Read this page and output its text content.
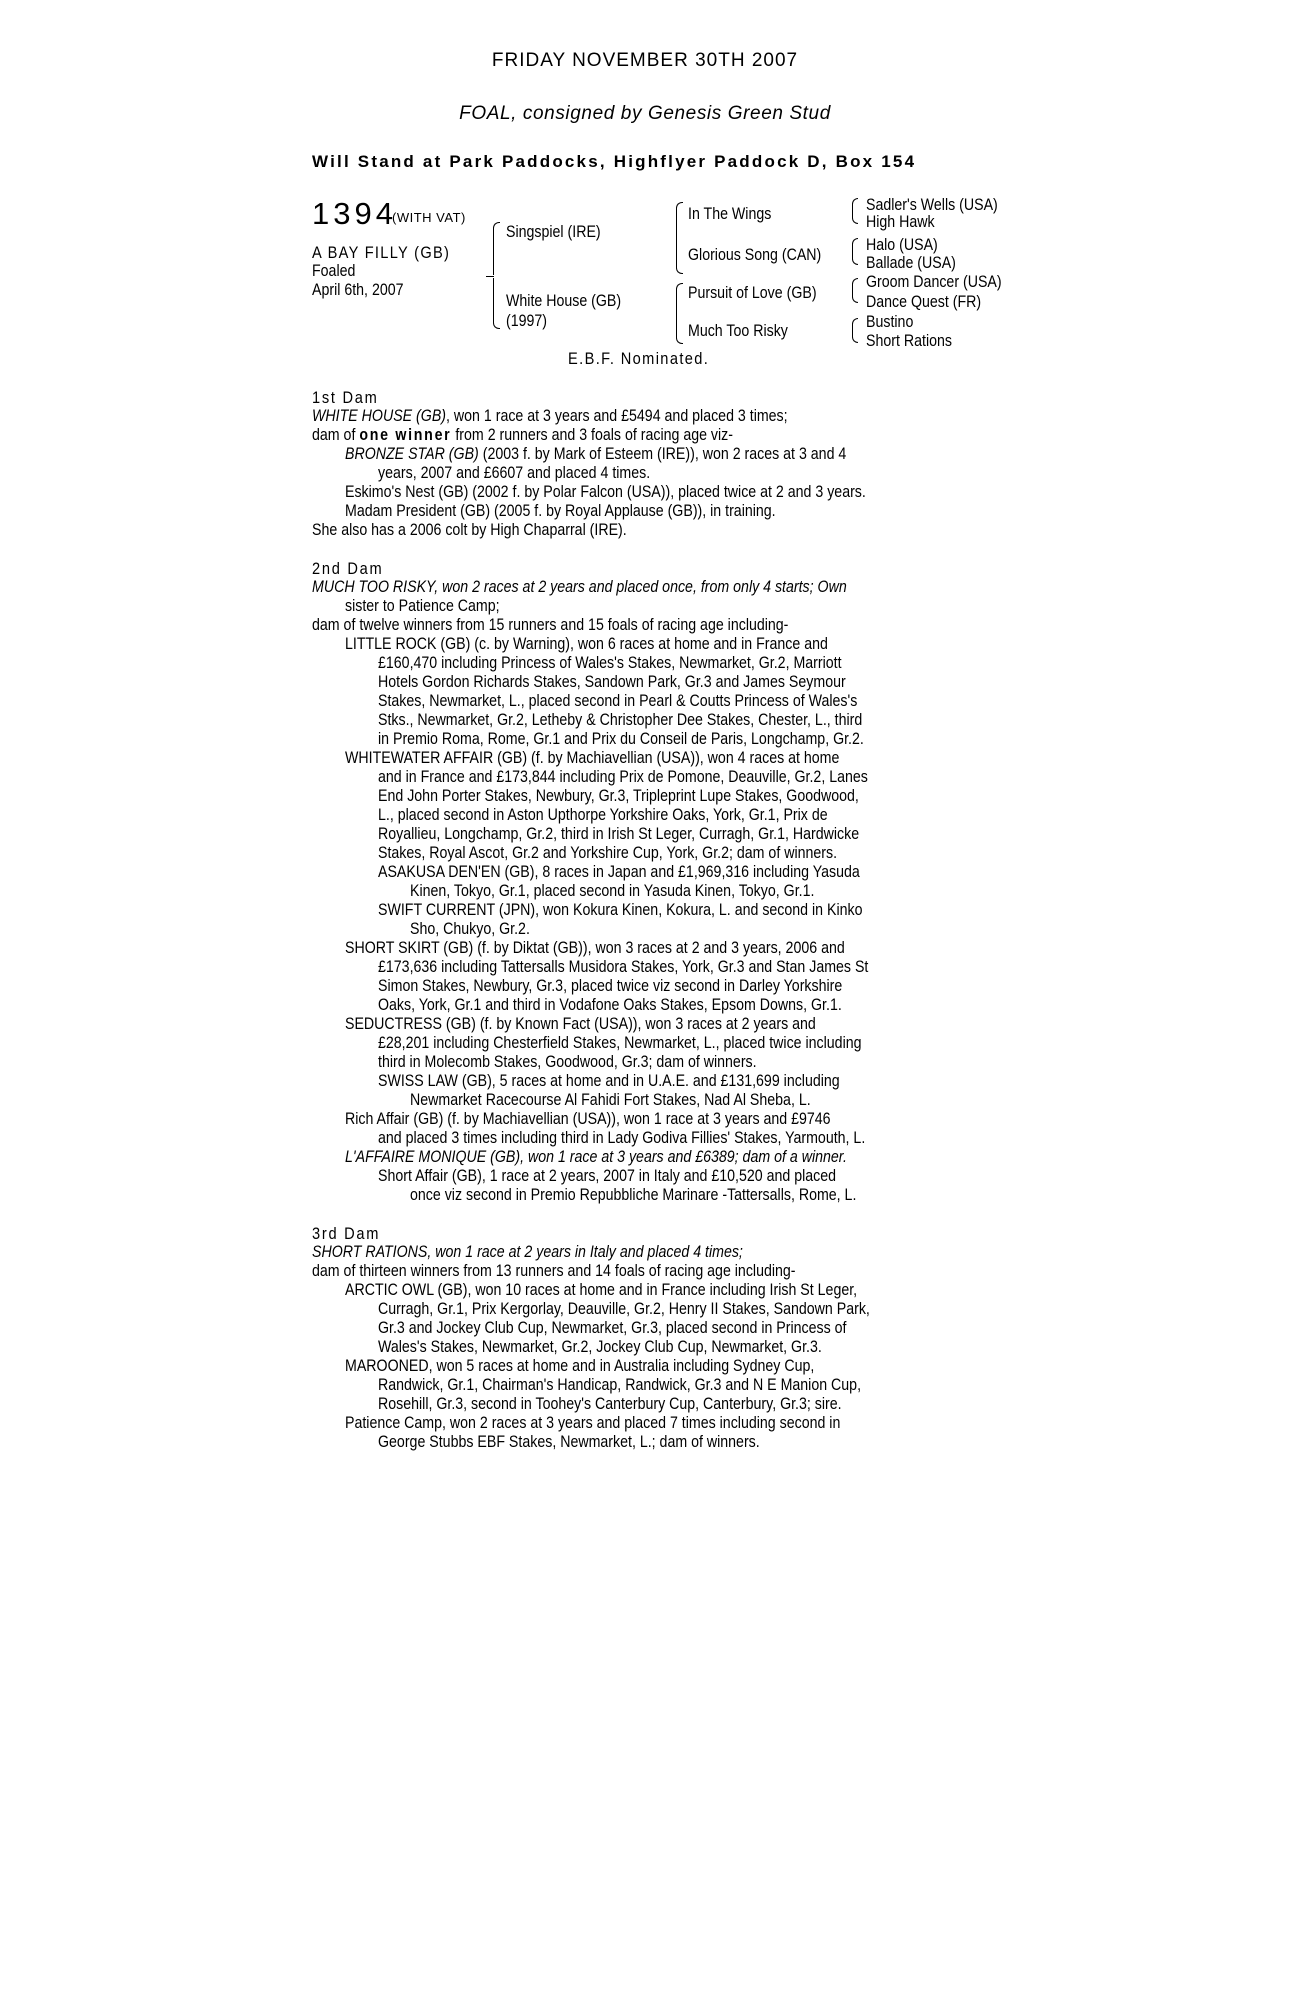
FRIDAY NOVEMBER 30TH 2007
FOAL, consigned by Genesis Green Stud
Will Stand at Park Paddocks, Highflyer Paddock D, Box 154
1394
(WITH VAT)
A BAY FILLY (GB)
Foaled
April 6th, 2007
Singspiel (IRE)
White House (GB)
(1997)
In The Wings
Glorious Song (CAN)
Pursuit of Love (GB)
Much Too Risky
Sadler's Wells (USA)
High Hawk
Halo (USA)
Ballade (USA)
Groom Dancer (USA)
Dance Quest (FR)
Bustino
Short Rations
E.B.F. Nominated.
1st Dam
WHITE HOUSE (GB), won 1 race at 3 years and £5494 and placed 3 times;
dam of one winner from 2 runners and 3 foals of racing age viz-
BRONZE STAR (GB) (2003 f. by Mark of Esteem (IRE)), won 2 races at 3 and 4
years, 2007 and £6607 and placed 4 times.
Eskimo's Nest (GB) (2002 f. by Polar Falcon (USA)), placed twice at 2 and 3 years.
Madam President (GB) (2005 f. by Royal Applause (GB)), in training.
She also has a 2006 colt by High Chaparral (IRE).
2nd Dam
MUCH TOO RISKY, won 2 races at 2 years and placed once, from only 4 starts; Own
sister to Patience Camp;
dam of twelve winners from 15 runners and 15 foals of racing age including-
LITTLE ROCK (GB) (c. by Warning), won 6 races at home and in France and
£160,470 including Princess of Wales's Stakes, Newmarket, Gr.2, Marriott
Hotels Gordon Richards Stakes, Sandown Park, Gr.3 and James Seymour
Stakes, Newmarket, L., placed second in Pearl & Coutts Princess of Wales's
Stks., Newmarket, Gr.2, Letheby & Christopher Dee Stakes, Chester, L., third
in Premio Roma, Rome, Gr.1 and Prix du Conseil de Paris, Longchamp, Gr.2.
WHITEWATER AFFAIR (GB) (f. by Machiavellian (USA)), won 4 races at home
and in France and £173,844 including Prix de Pomone, Deauville, Gr.2, Lanes
End John Porter Stakes, Newbury, Gr.3, Tripleprint Lupe Stakes, Goodwood,
L., placed second in Aston Upthorpe Yorkshire Oaks, York, Gr.1, Prix de
Royallieu, Longchamp, Gr.2, third in Irish St Leger, Curragh, Gr.1, Hardwicke
Stakes, Royal Ascot, Gr.2 and Yorkshire Cup, York, Gr.2; dam of winners.
ASAKUSA DEN'EN (GB), 8 races in Japan and £1,969,316 including Yasuda
Kinen, Tokyo, Gr.1, placed second in Yasuda Kinen, Tokyo, Gr.1.
SWIFT CURRENT (JPN), won Kokura Kinen, Kokura, L. and second in Kinko
Sho, Chukyo, Gr.2.
SHORT SKIRT (GB) (f. by Diktat (GB)), won 3 races at 2 and 3 years, 2006 and
£173,636 including Tattersalls Musidora Stakes, York, Gr.3 and Stan James St
Simon Stakes, Newbury, Gr.3, placed twice viz second in Darley Yorkshire
Oaks, York, Gr.1 and third in Vodafone Oaks Stakes, Epsom Downs, Gr.1.
SEDUCTRESS (GB) (f. by Known Fact (USA)), won 3 races at 2 years and
£28,201 including Chesterfield Stakes, Newmarket, L., placed twice including
third in Molecomb Stakes, Goodwood, Gr.3; dam of winners.
SWISS LAW (GB), 5 races at home and in U.A.E. and £131,699 including
Newmarket Racecourse Al Fahidi Fort Stakes, Nad Al Sheba, L.
Rich Affair (GB) (f. by Machiavellian (USA)), won 1 race at 3 years and £9746
and placed 3 times including third in Lady Godiva Fillies' Stakes, Yarmouth, L.
L'AFFAIRE MONIQUE (GB), won 1 race at 3 years and £6389; dam of a winner.
Short Affair (GB), 1 race at 2 years, 2007 in Italy and £10,520 and placed
once viz second in Premio Repubbliche Marinare -Tattersalls, Rome, L.
3rd Dam
SHORT RATIONS, won 1 race at 2 years in Italy and placed 4 times;
dam of thirteen winners from 13 runners and 14 foals of racing age including-
ARCTIC OWL (GB), won 10 races at home and in France including Irish St Leger,
Curragh, Gr.1, Prix Kergorlay, Deauville, Gr.2, Henry II Stakes, Sandown Park,
Gr.3 and Jockey Club Cup, Newmarket, Gr.3, placed second in Princess of
Wales's Stakes, Newmarket, Gr.2, Jockey Club Cup, Newmarket, Gr.3.
MAROONED, won 5 races at home and in Australia including Sydney Cup,
Randwick, Gr.1, Chairman's Handicap, Randwick, Gr.3 and N E Manion Cup,
Rosehill, Gr.3, second in Toohey's Canterbury Cup, Canterbury, Gr.3; sire.
Patience Camp, won 2 races at 3 years and placed 7 times including second in
George Stubbs EBF Stakes, Newmarket, L.; dam of winners.
